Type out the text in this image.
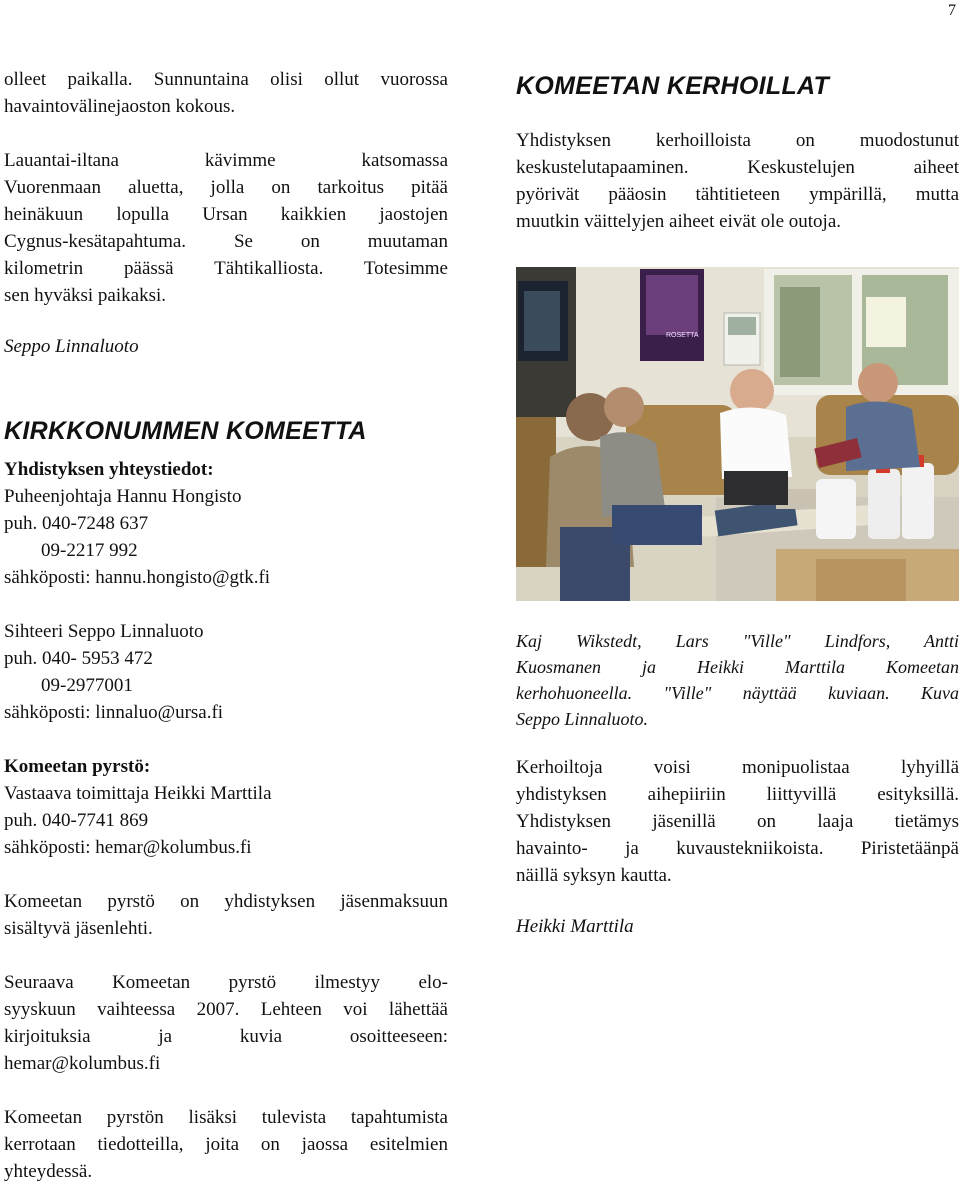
7

olleet paikalla. Sunnuntaina olisi ollut vuorossa

havaintovälinejaoston kokous.

Lauantai-iltana kävimme katsomassa

Vuorenmaan aluetta, jolla on tarkoitus pitää

heinäkuun lopulla Ursan kaikkien jaostojen

Cygnus-kesätapahtuma. Se on muutaman

kilometrin päässä Tähtikalliosta. Totesimme

sen hyväksi paikaksi.

Seppo Linnaluoto

KIRKKONUMMEN KOMEETTA

Yhdistyksen yhteystiedot:

Puheenjohtaja Hannu Hongisto

puh. 040-7248 637

09-2217 992

sähköposti: hannu.hongisto@gtk.fi

Sihteeri Seppo Linnaluoto

puh. 040- 5953 472

09-2977001

sähköposti: linnaluo@ursa.fi

Komeetan pyrstö:

Vastaava toimittaja Heikki Marttila

puh. 040-7741 869

sähköposti: hemar@kolumbus.fi

Komeetan pyrstö on yhdistyksen jäsenmaksuun

sisältyvä jäsenlehti.

Seuraava Komeetan pyrstö ilmestyy elo-

syyskuun vaihteessa 2007. Lehteen voi lähettää

kirjoituksia ja kuvia osoitteeseen:

hemar@kolumbus.fi

Komeetan pyrstön lisäksi tulevista tapahtumista

kerrotaan tiedotteilla, joita on jaossa esitelmien

yhteydessä.

KOMEETAN KERHOILLAT

Yhdistyksen kerhoilloista on muodostunut

keskustelutapaaminen. Keskustelujen aiheet

pyörivät pääosin tähtitieteen ympärillä, mutta

muutkin väittelyjen aiheet eivät ole outoja.

ROSETTA

Kaj Wikstedt, Lars "Ville" Lindfors, Antti

Kuosmanen ja Heikki Marttila Komeetan

kerhohuoneella. "Ville" näyttää kuviaan. Kuva

Seppo Linnaluoto.

Kerhoiltoja voisi monipuolistaa lyhyillä

yhdistyksen aihepiiriin liittyvillä esityksillä.

Yhdistyksen jäsenillä on laaja tietämys

havainto- ja kuvaustekniikoista. Piristetäänpä

näillä syksyn kautta.

Heikki Marttila
